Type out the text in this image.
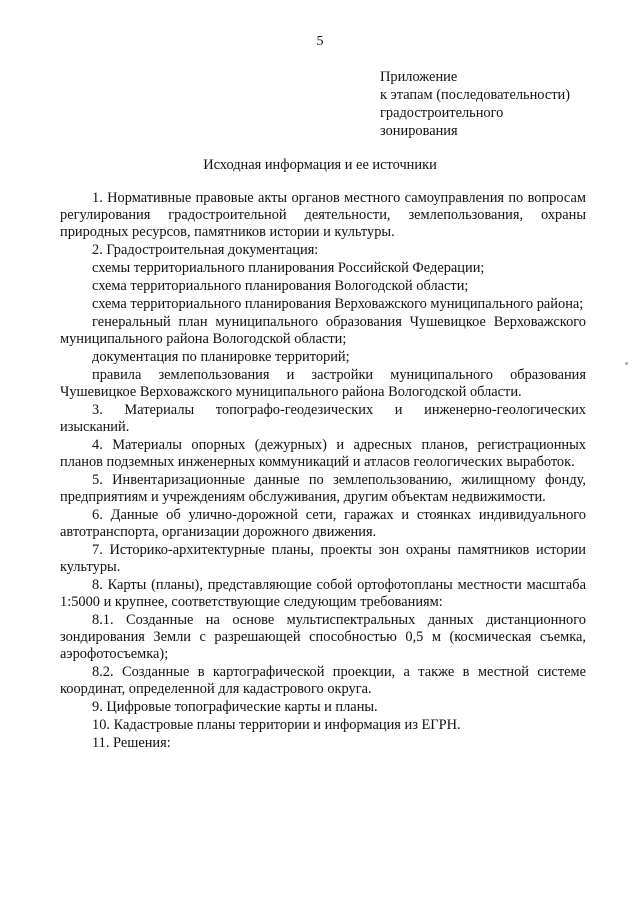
5
Приложение
к этапам (последовательности)
градостроительного
зонирования
Исходная информация и ее источники

1. Нормативные правовые акты органов местного самоуправления по вопросам регулирования градостроительной деятельности, землепользования, охраны природных ресурсов, памятников истории и культуры.

2. Градостроительная документация:

схемы территориального планирования Российской Федерации;

схема территориального планирования Вологодской области;

схема территориального планирования Верховажского муниципального района;

генеральный план муниципального образования Чушевицкое Верховажского муниципального района Вологодской области;

документация по планировке территорий;

правила землепользования и застройки муниципального образования Чушевицкое Верховажского муниципального района Вологодской области.

3. Материалы топографо-геодезических и инженерно-геологических изысканий.

4. Материалы опорных (дежурных) и адресных планов, регистрационных планов подземных инженерных коммуникаций и атласов геологических выработок.

5. Инвентаризационные данные по землепользованию, жилищному фонду, предприятиям и учреждениям обслуживания, другим объектам недвижимости.

6. Данные об улично-дорожной сети, гаражах и стоянках индивидуального автотранспорта, организации дорожного движения.

7. Историко-архитектурные планы, проекты зон охраны памятников истории культуры.

8. Карты (планы), представляющие собой ортофотопланы местности масштаба 1:5000 и крупнее, соответствующие следующим требованиям:

8.1. Созданные на основе мультиспектральных данных дистанционного зондирования Земли с разрешающей способностью 0,5 м (космическая съемка, аэрофотосъемка);

8.2. Созданные в картографической проекции, а также в местной системе координат, определенной для кадастрового округа.

9. Цифровые топографические карты и планы.

10. Кадастровые планы территории и информация из ЕГРН.

11. Решения:
